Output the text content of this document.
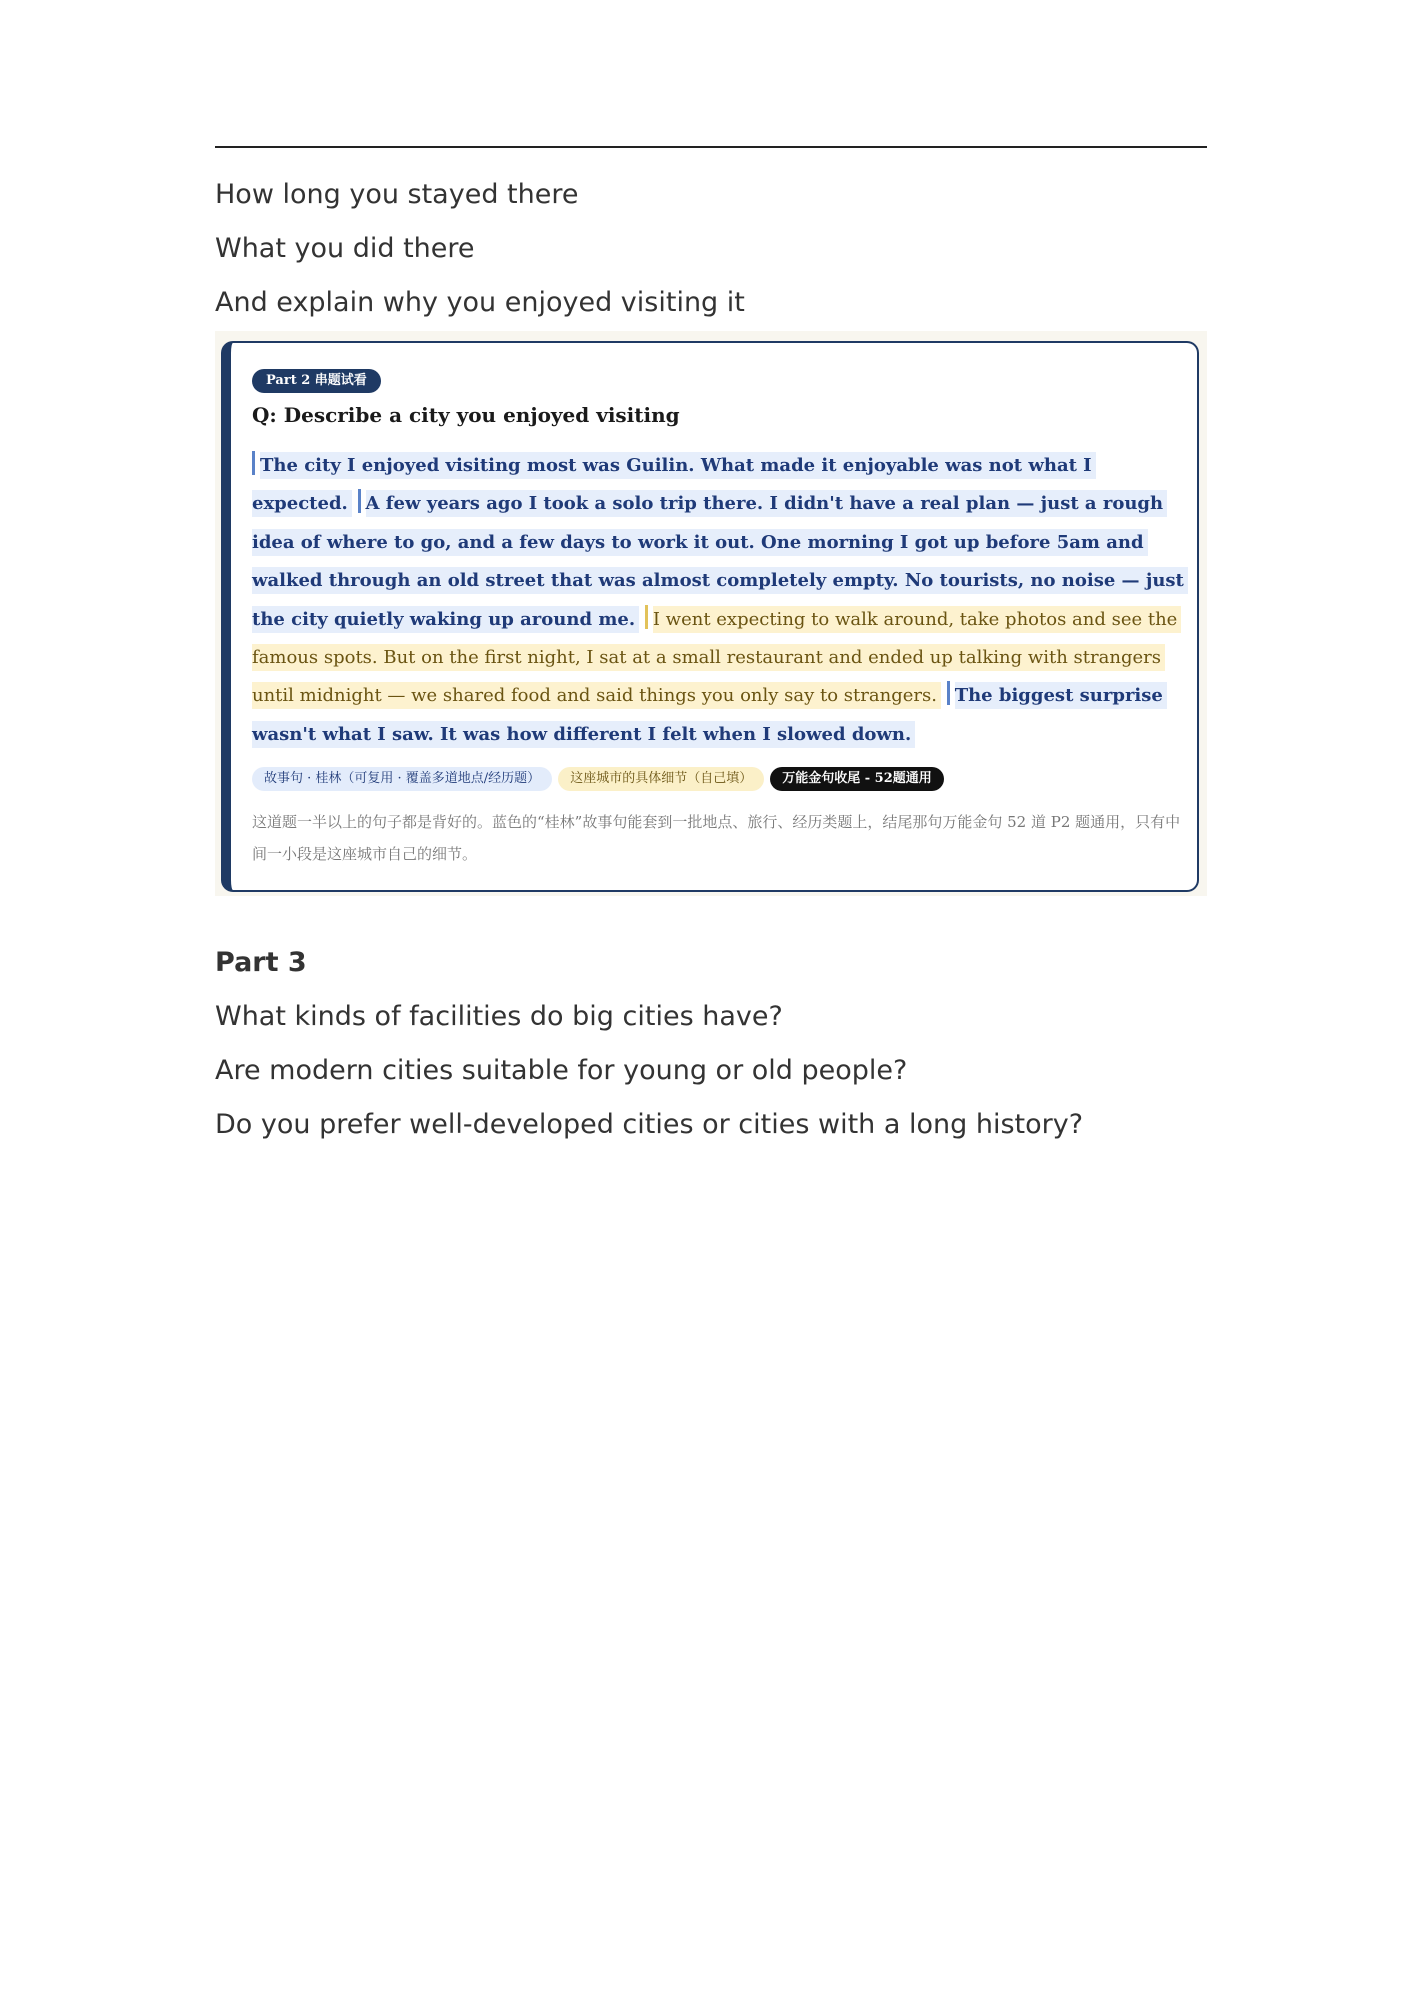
How long you stayed there
What you did there
And explain why you enjoyed visiting it
Part 2 串题试看
Q: Describe a city you enjoyed visiting
The city I enjoyed visiting most was Guilin. What made it enjoyable was not what I expected. A few years ago I took a solo trip there. I didn't have a real plan — just a rough idea of where to go, and a few days to work it out. One morning I got up before 5am and walked through an old street that was almost completely empty. No tourists, no noise — just the city quietly waking up around me. I went expecting to walk around, take photos and see the famous spots. But on the first night, I sat at a small restaurant and ended up talking with strangers until midnight — we shared food and said things you only say to strangers. The biggest surprise wasn't what I saw. It was how different I felt when I slowed down.
故事句 · 桂林（可复用 · 覆盖多道地点/经历题） 这座城市的具体细节（自己填） 万能金句收尾 - 52题通用
这道题一半以上的句子都是背好的。蓝色的“桂林”故事句能套到一批地点、旅行、经历类题上，结尾那句万能金句 52 道 P2 题通用，只有中间一小段是这座城市自己的细节。
Part 3
What kinds of facilities do big cities have?
Are modern cities suitable for young or old people?
Do you prefer well-developed cities or cities with a long history?
